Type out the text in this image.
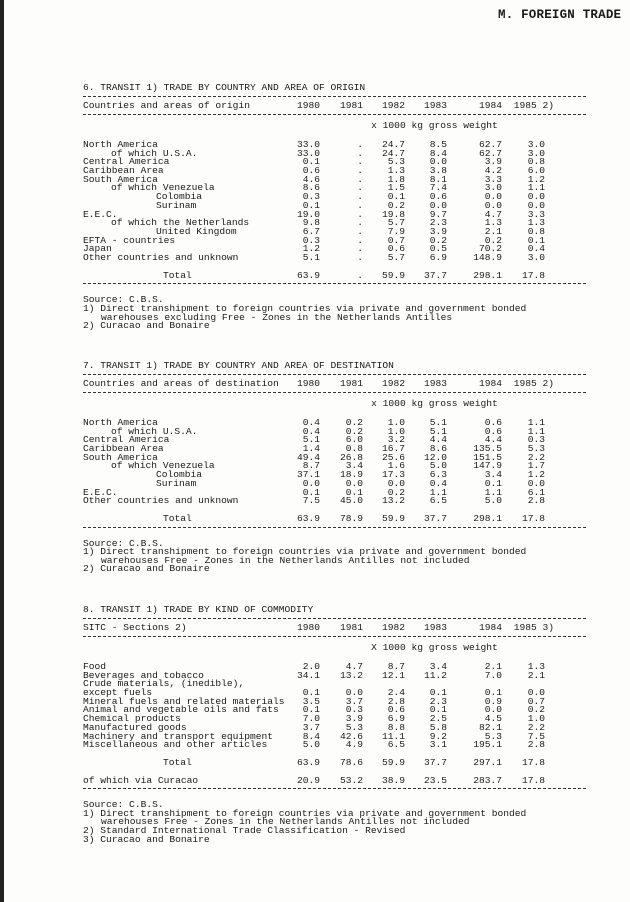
M. FOREIGN TRADE
6. TRANSIT 1) TRADE BY COUNTRY AND AREA OF ORIGIN
Countries and areas of origin	1980	1981	1982	1983	1984	1985 2)
x 1000 kg gross weight
North America	33.0	.	24.7	8.5	62.7	3.0
of which U.S.A.	33.0	.	24.7	8.4	62.7	3.0
Central America	0.1	.	5.3	0.0	3.9	0.8
Caribbean Area	0.6	.	1.3	3.8	4.2	6.0
South America	4.6	.	1.8	8.1	3.3	1.2
of which Venezuela	8.6	.	1.5	7.4	3.0	1.1
Colombia	0.3	.	0.1	0.6	0.0	0.0
Surinam	0.1	.	0.2	0.0	0.0	0.0
E.E.C.	19.0	.	19.8	9.7	4.7	3.3
of which the Netherlands	9.8	.	5.7	2.3	1.3	1.3
United Kingdom	6.7	.	7.9	3.9	2.1	0.8
EFTA - countries	0.3	.	0.7	0.2	0.2	0.1
Japan	1.2	.	0.6	0.5	70.2	0.4
Other countries and unknown	5.1	.	5.7	6.9	148.9	3.0
Total	63.9	.	59.9	37.7	298.1	17.8
Source: C.B.S.
1) Direct transhipment to foreign countries via private and government bonded
warehouses excluding Free - Zones in the Netherlands Antilles
2) Curacao and Bonaire
7. TRANSIT 1) TRADE BY COUNTRY AND AREA OF DESTINATION
Countries and areas of destination	1980	1981	1982	1983	1984	1985 2)
x 1000 kg gross weight
North America	0.4	0.2	1.0	5.1	0.6	1.1
of which U.S.A.	0.4	0.2	1.0	5.1	0.6	1.1
Central America	5.1	6.0	3.2	4.4	4.4	0.3
Caribbean Area	1.4	0.8	16.7	8.6	135.5	5.3
South America	49.4	26.8	25.6	12.0	151.5	2.2
of which Venezuela	8.7	3.4	1.6	5.0	147.9	1.7
Colombia	37.1	18.9	17.3	6.3	3.4	1.2
Surinam	0.0	0.0	0.0	0.4	0.1	0.0
E.E.C.	0.1	0.1	0.2	1.1	1.1	6.1
Other countries and unknown	7.5	45.0	13.2	6.5	5.0	2.8
Total	63.9	78.9	59.9	37.7	298.1	17.8
Source: C.B.S.
1) Direct transhipment to foreign countries via private and government bonded
warehouses Free - Zones in the Netherlands Antilles not included
2) Curacao and Bonaire
8. TRANSIT 1) TRADE BY KIND OF COMMODITY
SITC - Sections 2)	1980	1981	1982	1983	1984	1985 3)
X 1000 kg gross weight
Food	2.0	4.7	8.7	3.4	2.1	1.3
Beverages and tobacco	34.1	13.2	12.1	11.2	7.0	2.1
Crude materials, (inedible),
except fuels	0.1	0.0	2.4	0.1	0.1	0.0
Mineral fuels and related materials	3.5	3.7	2.8	2.3	0.9	0.7
Animal and vegetable oils and fats	0.1	0.3	0.6	0.1	0.0	0.2
Chemical products	7.0	3.9	6.9	2.5	4.5	1.0
Manufactured goods	3.7	5.3	8.8	5.8	82.1	2.2
Machinery and transport equipment	8.4	42.6	11.1	9.2	5.3	7.5
Miscellaneous and other articles	5.0	4.9	6.5	3.1	195.1	2.8
Total	63.9	78.6	59.9	37.7	297.1	17.8
of which via Curacao	20.9	53.2	38.9	23.5	283.7	17.8
Source: C.B.S.
1) Direct transhipment to foreign countries via private and government bonded
warehouses Free - Zones in the Netherlands Antilles not included
2) Standard International Trade Classification - Revised
3) Curacao and Bonaire
